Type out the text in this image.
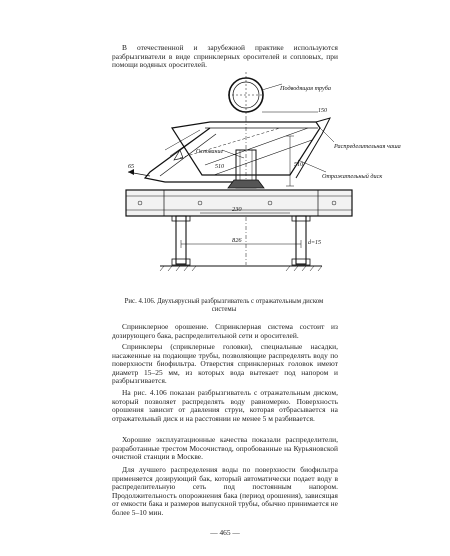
В отечественной и зарубежной практике используются разбрызгиватели в виде спринклерных оросителей и сопловых, при помощи водяных оросителей.

Подводящая труба
150
Распределительная чаша
Отражательный диск
Основание
510	510
65
230
826	d=15

Рис. 4.106. Двухъярусный разбрызгиватель с отражательным диском системы

Спринклерное орошение. Спринклерная система состоит из дозирующего бака, распределительной сети и оросителей.

Спринклеры (сприклерные головки), специальные насадки, насаженные на подающие трубы, позволяющие распределять воду по поверхности биофильтра. Отверстия спринклерных головок имеют диаметр 15–25 мм, из которых вода вытекает под напором и разбрызгивается.

На рис. 4.106 показан разбрызгиватель с отражательным диском, который позволяет распределять воду равномерно. Поверхность орошения зависит от давления струи, которая отбрасывается на отражательный диск и на расстоянии не менее 5 м разбивается.

Хорошие эксплуатационные качества показали распределители, разработанные трестом Мосочиствод, опробованные на Курьяновской очистной станции в Москве.

Для лучшего распределения воды по поверхности биофильтра применяется дозирующий бак, который автоматически подает воду в распределительную сеть под постоянным напором. Продолжительность опорожнения бака (период орошения), зависящая от емкости бака и размеров выпускной трубы, обычно принимается не более 5–10 мин.

— 465 —
